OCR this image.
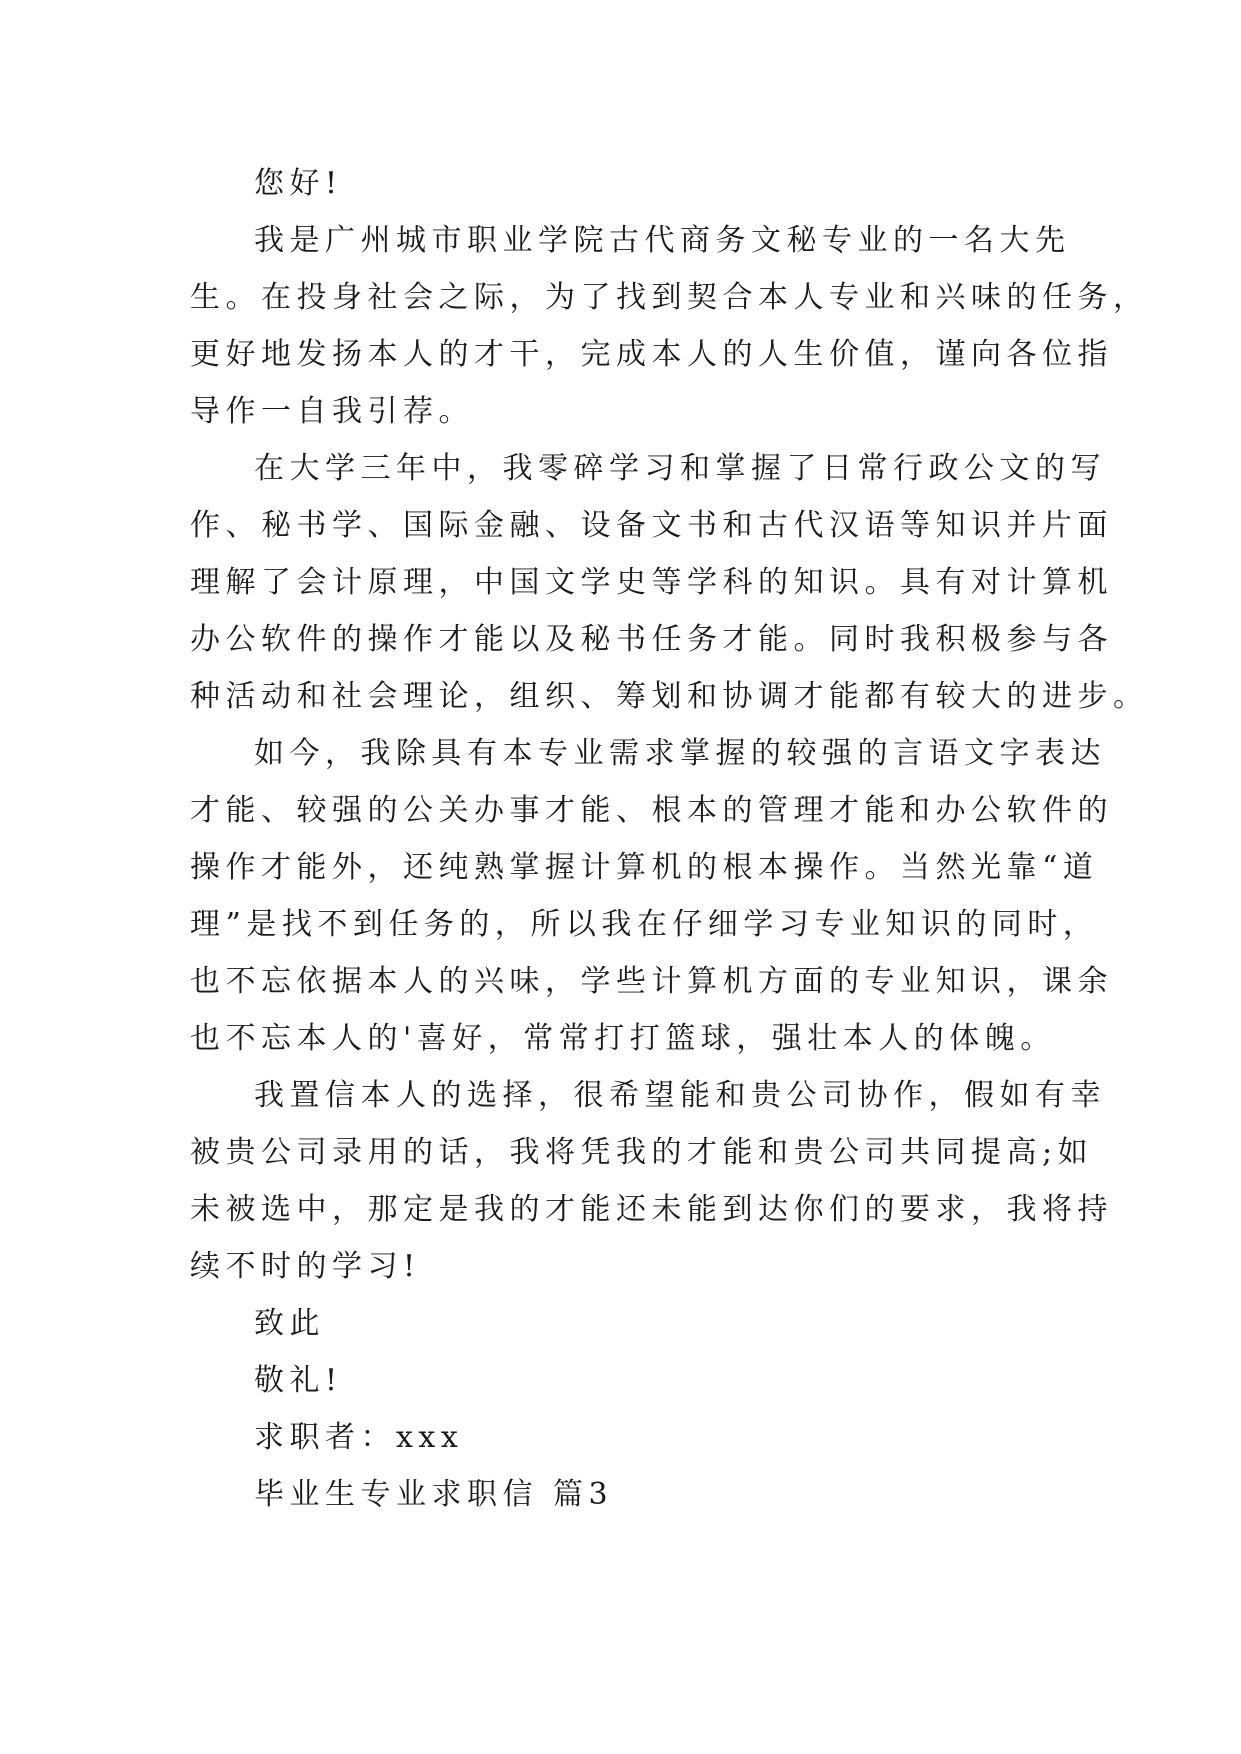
您好!
我是广州城市职业学院古代商务文秘专业的一名大先
生。在投身社会之际，为了找到契合本人专业和兴味的任务，
更好地发扬本人的才干，完成本人的人生价值，谨向各位指
导作一自我引荐。
在大学三年中，我零碎学习和掌握了日常行政公文的写
作、秘书学、国际金融、设备文书和古代汉语等知识并片面
理解了会计原理，中国文学史等学科的知识。具有对计算机
办公软件的操作才能以及秘书任务才能。同时我积极参与各
种活动和社会理论，组织、筹划和协调才能都有较大的进步。
如今，我除具有本专业需求掌握的较强的言语文字表达
才能、较强的公关办事才能、根本的管理才能和办公软件的
操作才能外，还纯熟掌握计算机的根本操作。当然光靠“道
理”是找不到任务的，所以我在仔细学习专业知识的同时，
也不忘依据本人的兴味，学些计算机方面的专业知识，课余
也不忘本人的'喜好，常常打打篮球，强壮本人的体魄。
我置信本人的选择，很希望能和贵公司协作，假如有幸
被贵公司录用的话，我将凭我的才能和贵公司共同提高;如
未被选中，那定是我的才能还未能到达你们的要求，我将持
续不时的学习!
致此
敬礼!
求职者：xxx
毕业生专业求职信 篇3
